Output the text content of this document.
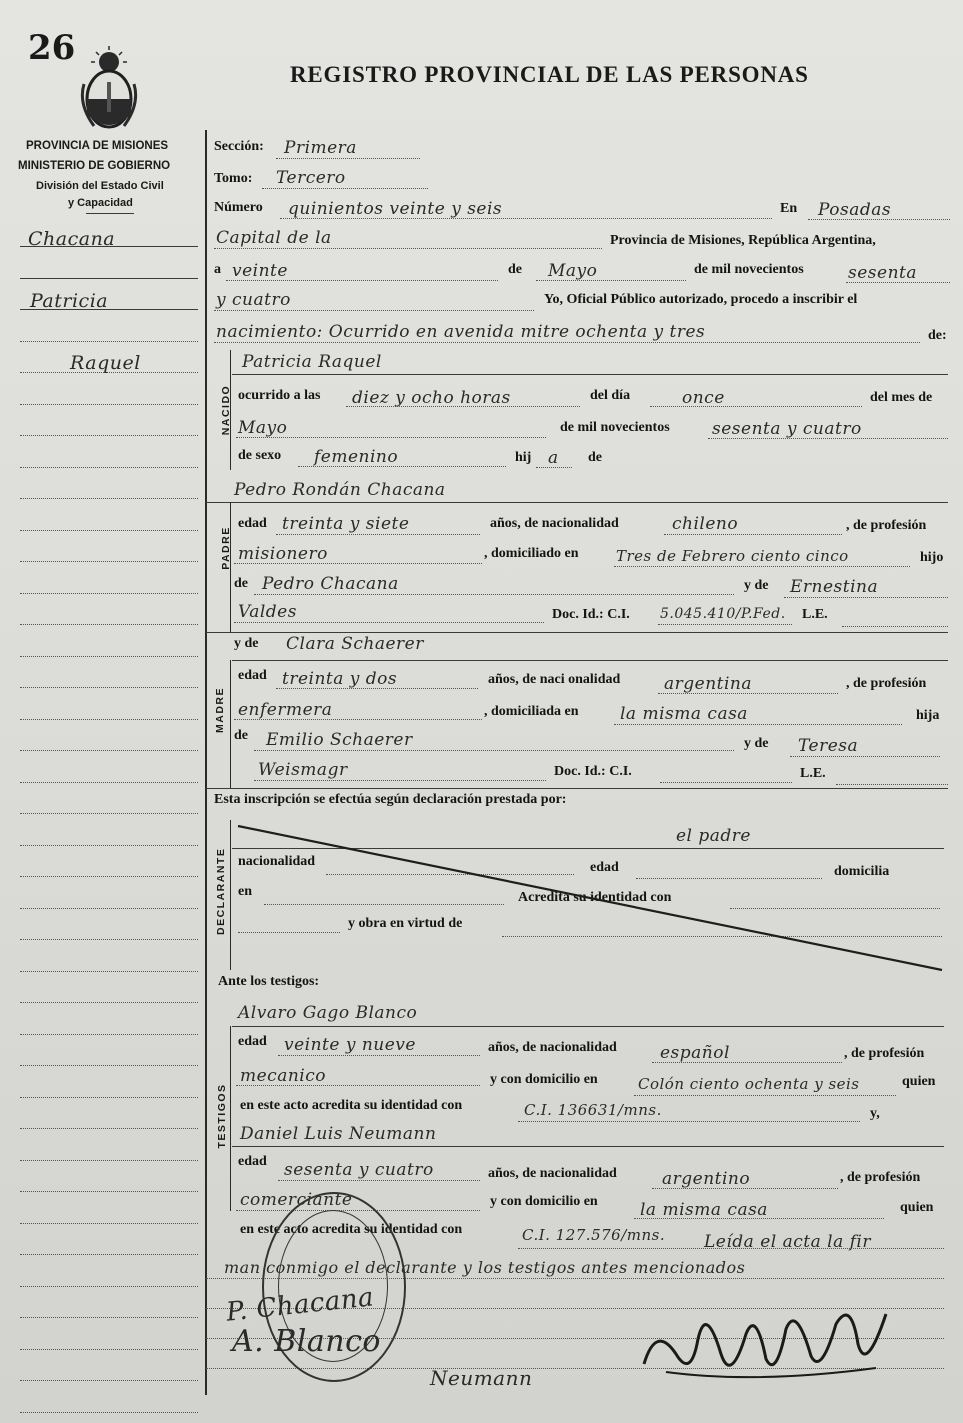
26
REGISTRO PROVINCIAL DE LAS PERSONAS
PROVINCIA DE MISIONES
MINISTERIO DE GOBIERNO
División del Estado Civil
y Capacidad
Chacana
Patricia
Raquel
Sección: Primera
Tomo: Tercero
Número quinientos veinte y seis	En Posadas
Capital de la	Provincia de Misiones, República Argentina,
a veinte	de Mayo	de mil novecientos	sesenta
y cuatro	Yo, Oficial Público autorizado, procedo a inscribir el
nacimiento: Ocurrido en avenida mitre ochenta y tres	de:
NACIDO
Patricia Raquel
ocurrido a las diez y ocho horas	del día	once	del mes de
Mayo	de mil novecientos sesenta y cuatro
de sexo femenino	hij a de
Pedro Rondán Chacana
PADRE
edad treinta y siete	años, de nacionalidad	chileno	, de profesión
misionero	, domiciliado en Tres de Febrero ciento cinco	hijo
de Pedro Chacana	y de Ernestina
Valdes	Doc. Id.: C.I. 5.045.410/P.Fed. L.E.
y de Clara Schaerer
MADRE
edad treinta y dos	años, de naci onalidad	argentina	, de profesión
enfermera	, domiciliada en la misma casa	hija
de Emilio Schaerer	y de Teresa
Weismagr	Doc. Id.: C.I.	L.E.
Esta inscripción se efectúa según declaración prestada por:
el padre
DECLARANTE nacionalidad	edad	domicilia
en	Acredita su identidad con
y obra en virtud de
Ante los testigos:
Alvaro Gago Blanco
TESTIGOS
edad veinte y nueve	años, de nacionalidad	español	, de profesión
mecanico	y con domicilio en	Colón ciento ochenta y seis	quien
en este acto acredita su identidad con	C.I. 136631/mns.	y,
Daniel Luis Neumann
edad sesenta y cuatro	años, de nacionalidad	argentino	, de profesión
comerciante	y con domicilio en la misma casa	quien
en este acto acredita su identidad con	C.I. 127.576/mns. Leída el acta la fir
man conmigo el declarante y los testigos antes mencionados
P. Chacana
A. Blanco
Neumann
